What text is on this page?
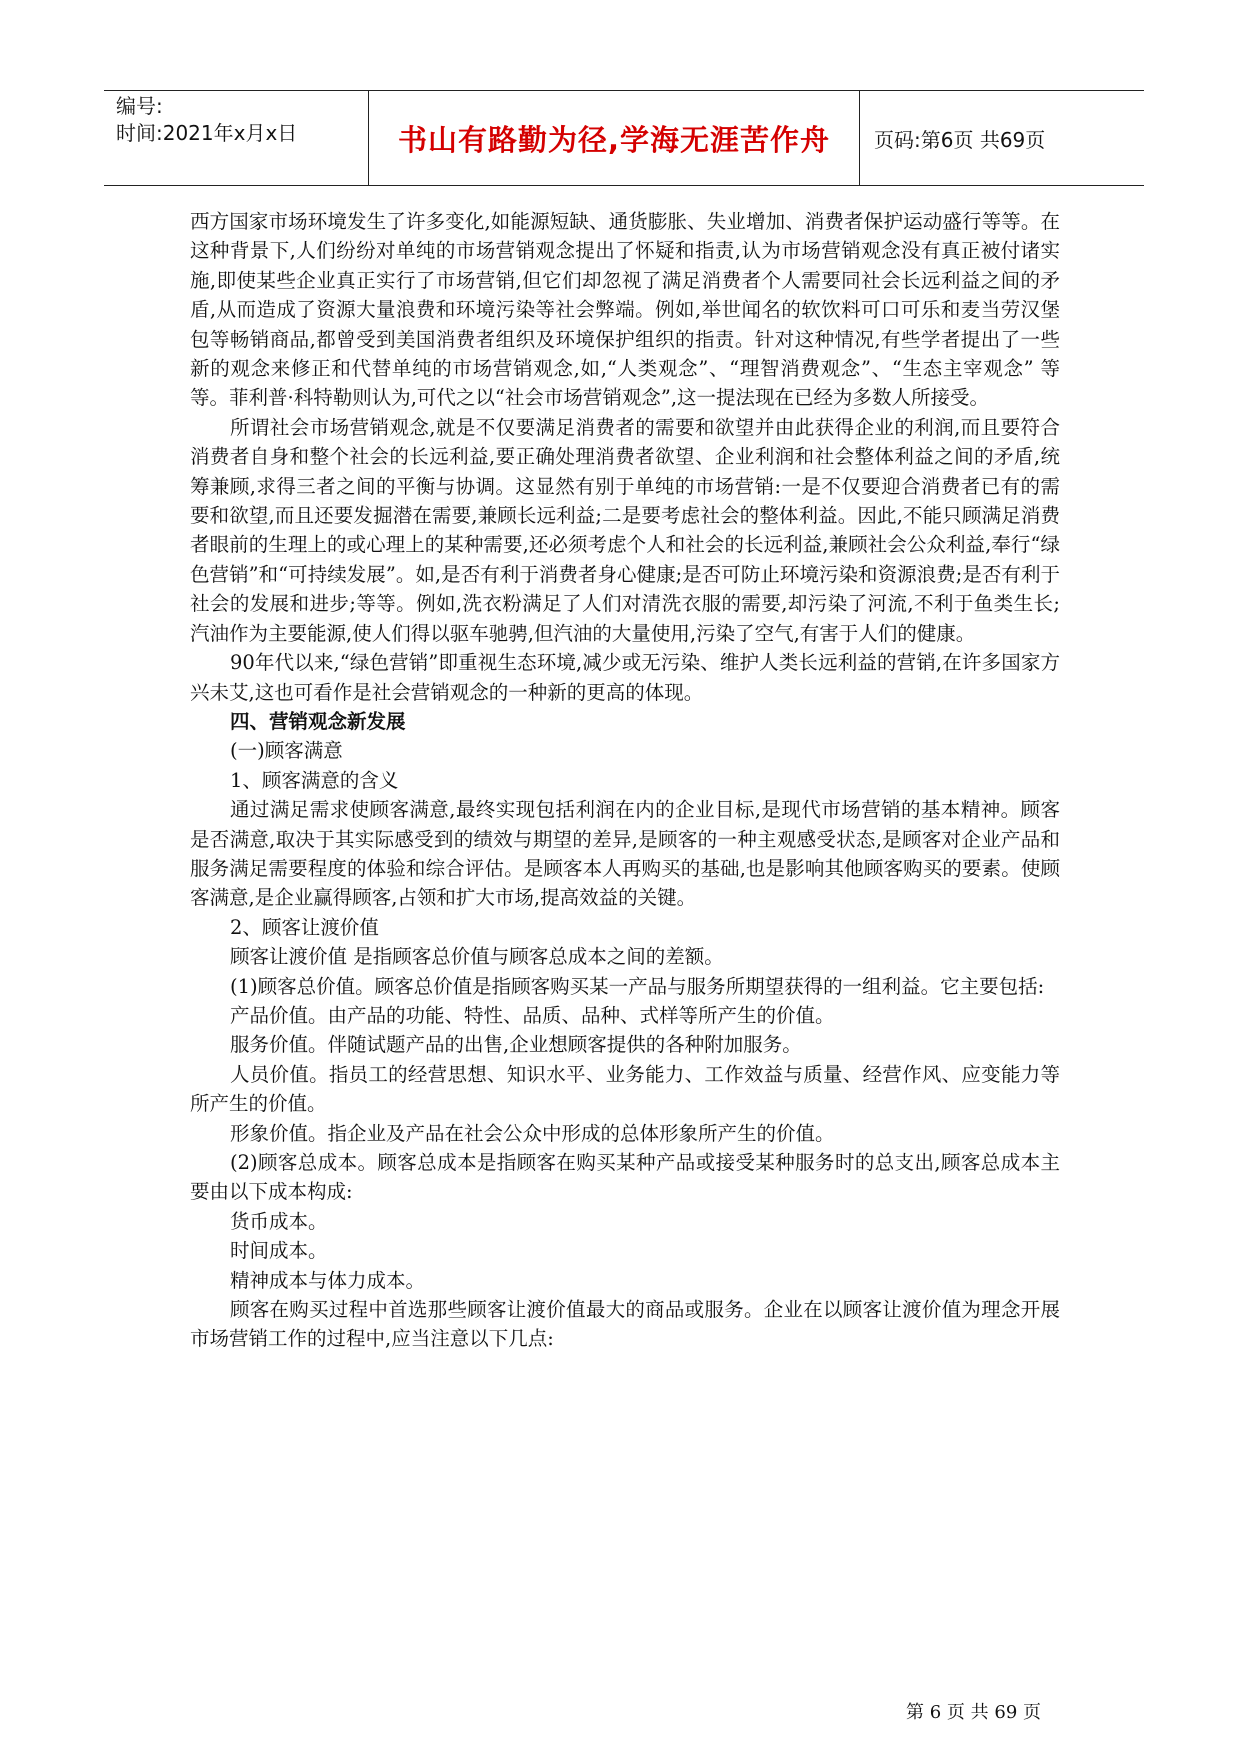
编号:
时间:2021年x月x日	书山有路勤为径,学海无涯苦作舟	页码:第6页 共69页

西方国家市场环境发生了许多变化,如能源短缺、通货膨胀、失业增加、消费者保护运动盛行等等。在这种背景下,人们纷纷对单纯的市场营销观念提出了怀疑和指责,认为市场营销观念没有真正被付诸实施,即使某些企业真正实行了市场营销,但它们却忽视了满足消费者个人需要同社会长远利益之间的矛盾,从而造成了资源大量浪费和环境污染等社会弊端。例如,举世闻名的软饮料可口可乐和麦当劳汉堡包等畅销商品,都曾受到美国消费者组织及环境保护组织的指责。针对这种情况,有些学者提出了一些新的观念来修正和代替单纯的市场营销观念,如,“人类观念”、“理智消费观念”、“生态主宰观念” 等等。菲利普·科特勒则认为,可代之以“社会市场营销观念”,这一提法现在已经为多数人所接受。

所谓社会市场营销观念,就是不仅要满足消费者的需要和欲望并由此获得企业的利润,而且要符合消费者自身和整个社会的长远利益,要正确处理消费者欲望、企业利润和社会整体利益之间的矛盾,统筹兼顾,求得三者之间的平衡与协调。这显然有别于单纯的市场营销:一是不仅要迎合消费者已有的需要和欲望,而且还要发掘潜在需要,兼顾长远利益;二是要考虑社会的整体利益。因此,不能只顾满足消费者眼前的生理上的或心理上的某种需要,还必须考虑个人和社会的长远利益,兼顾社会公众利益,奉行“绿色营销”和“可持续发展”。如,是否有利于消费者身心健康;是否可防止环境污染和资源浪费;是否有利于社会的发展和进步;等等。例如,洗衣粉满足了人们对清洗衣服的需要,却污染了河流,不利于鱼类生长;汽油作为主要能源,使人们得以驱车驰骋,但汽油的大量使用,污染了空气,有害于人们的健康。

90年代以来,“绿色营销”即重视生态环境,减少或无污染、维护人类长远利益的营销,在许多国家方兴未艾,这也可看作是社会营销观念的一种新的更高的体现。

四、营销观念新发展

(一)顾客满意

1、顾客满意的含义

通过满足需求使顾客满意,最终实现包括利润在内的企业目标,是现代市场营销的基本精神。顾客是否满意,取决于其实际感受到的绩效与期望的差异,是顾客的一种主观感受状态,是顾客对企业产品和服务满足需要程度的体验和综合评估。是顾客本人再购买的基础,也是影响其他顾客购买的要素。使顾客满意,是企业赢得顾客,占领和扩大市场,提高效益的关键。

2、顾客让渡价值

顾客让渡价值 是指顾客总价值与顾客总成本之间的差额。

(1)顾客总价值。顾客总价值是指顾客购买某一产品与服务所期望获得的一组利益。它主要包括:

产品价值。由产品的功能、特性、品质、品种、式样等所产生的价值。

服务价值。伴随试题产品的出售,企业想顾客提供的各种附加服务。

人员价值。指员工的经营思想、知识水平、业务能力、工作效益与质量、经营作风、应变能力等所产生的价值。

形象价值。指企业及产品在社会公众中形成的总体形象所产生的价值。

(2)顾客总成本。顾客总成本是指顾客在购买某种产品或接受某种服务时的总支出,顾客总成本主要由以下成本构成:

货币成本。

时间成本。

精神成本与体力成本。

顾客在购买过程中首选那些顾客让渡价值最大的商品或服务。企业在以顾客让渡价值为理念开展市场营销工作的过程中,应当注意以下几点:

第 6 页 共 69 页
